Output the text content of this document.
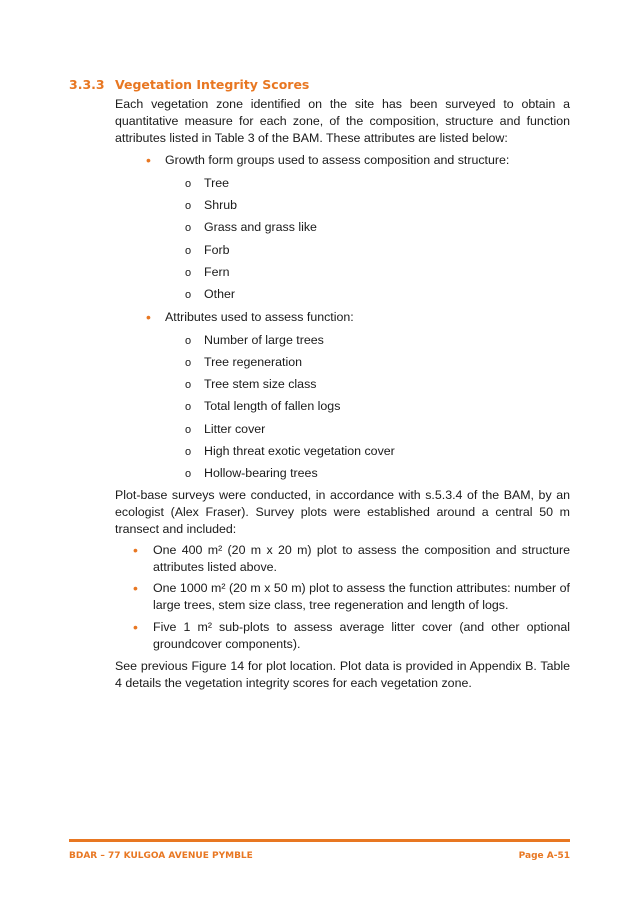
3.3.3 Vegetation Integrity Scores

Each vegetation zone identified on the site has been surveyed to obtain a quantitative measure for each zone, of the composition, structure and function attributes listed in Table 3 of the BAM. These attributes are listed below:

• Growth form groups used to assess composition and structure:
o Tree
o Shrub
o Grass and grass like
o Forb
o Fern
o Other
• Attributes used to assess function:
o Number of large trees
o Tree regeneration
o Tree stem size class
o Total length of fallen logs
o Litter cover
o High threat exotic vegetation cover
o Hollow-bearing trees

Plot-base surveys were conducted, in accordance with s.5.3.4 of the BAM, by an ecologist (Alex Fraser). Survey plots were established around a central 50 m transect and included:

• One 400 m² (20 m x 20 m) plot to assess the composition and structure attributes listed above.

• One 1000 m² (20 m x 50 m) plot to assess the function attributes: number of large trees, stem size class, tree regeneration and length of logs.

• Five 1 m² sub-plots to assess average litter cover (and other optional groundcover components).

See previous Figure 14 for plot location. Plot data is provided in Appendix B. Table 4 details the vegetation integrity scores for each vegetation zone.

BDAR – 77 KULGOA AVENUE PYMBLE	Page A-51
